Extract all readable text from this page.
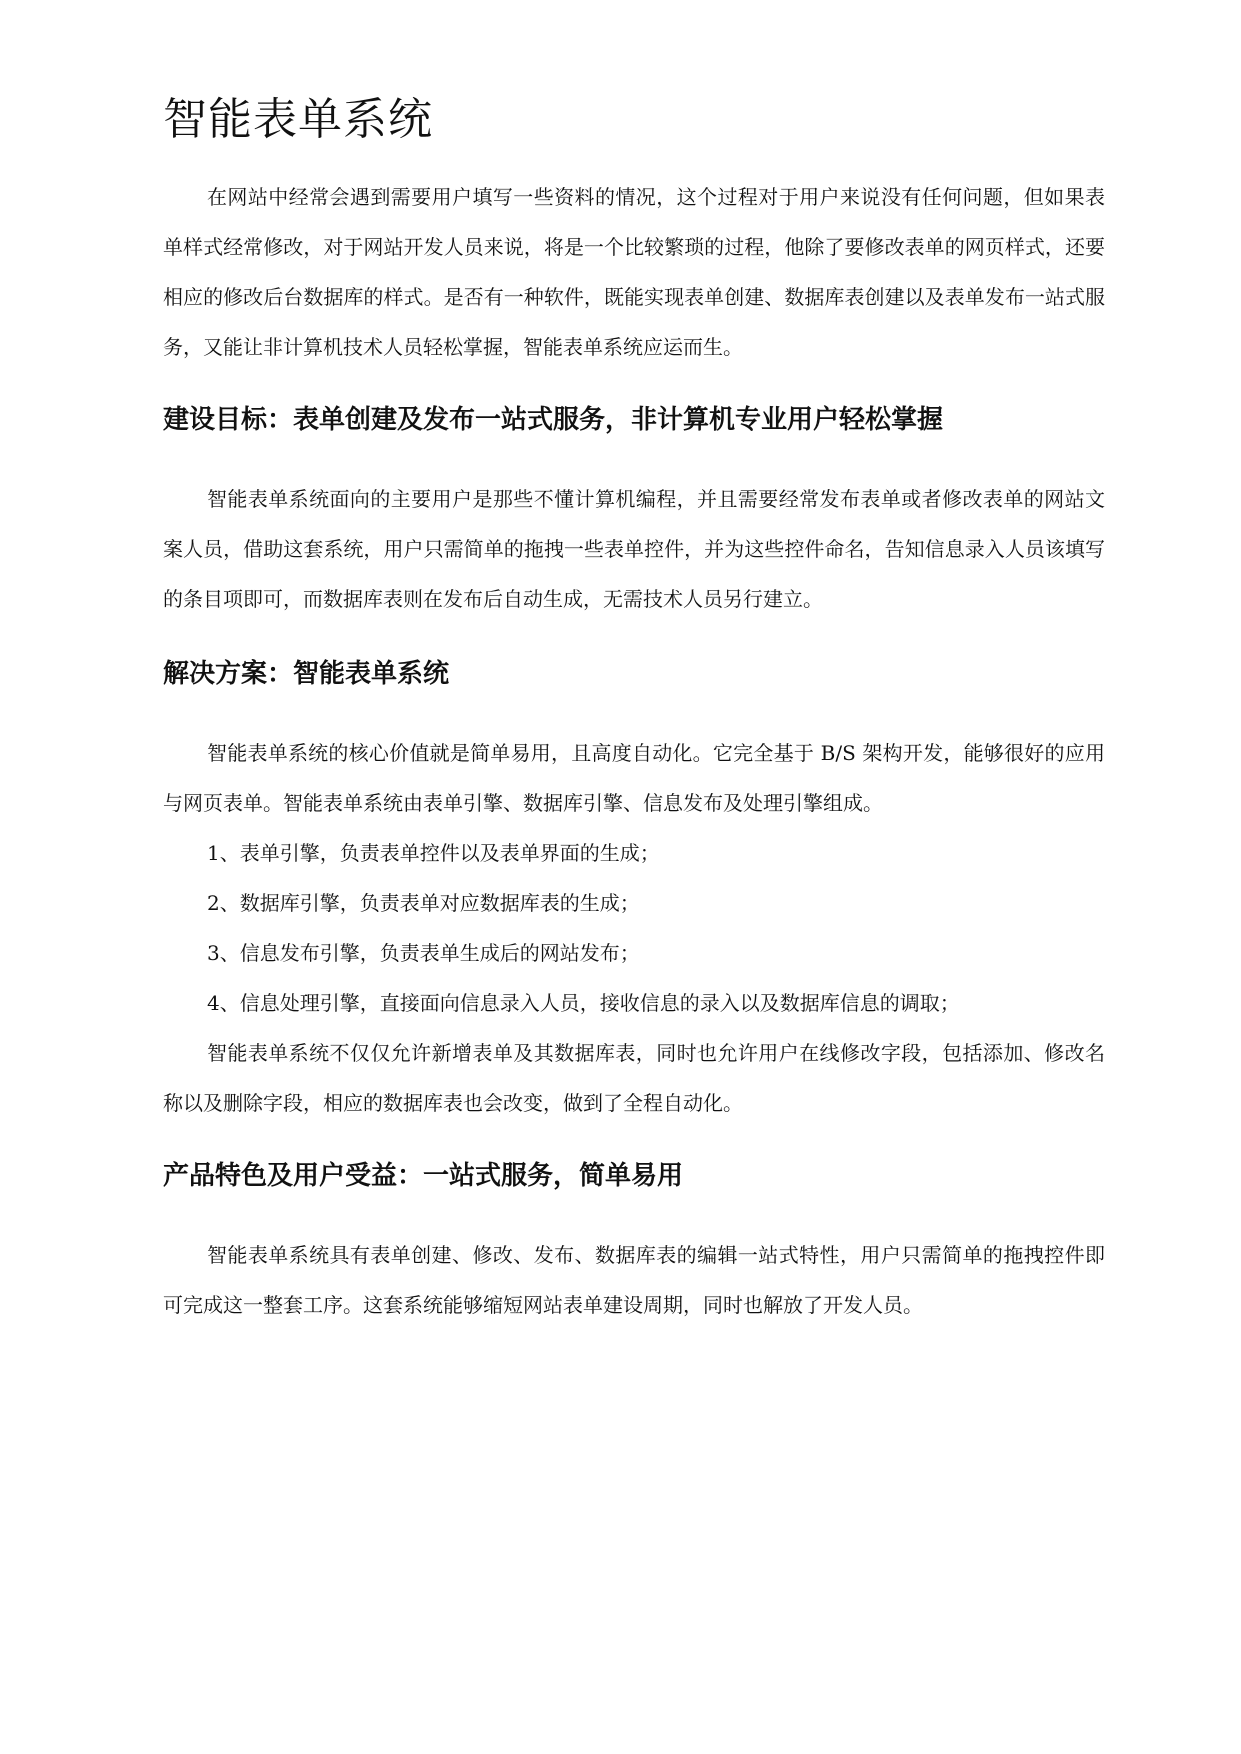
智能表单系统

在网站中经常会遇到需要用户填写一些资料的情况，这个过程对于用户来说没有任何问题，但如果表单样式经常修改，对于网站开发人员来说，将是一个比较繁琐的过程，他除了要修改表单的网页样式，还要相应的修改后台数据库的样式。是否有一种软件，既能实现表单创建、数据库表创建以及表单发布一站式服务，又能让非计算机技术人员轻松掌握，智能表单系统应运而生。

建设目标：表单创建及发布一站式服务，非计算机专业用户轻松掌握

智能表单系统面向的主要用户是那些不懂计算机编程，并且需要经常发布表单或者修改表单的网站文案人员，借助这套系统，用户只需简单的拖拽一些表单控件，并为这些控件命名，告知信息录入人员该填写的条目项即可，而数据库表则在发布后自动生成，无需技术人员另行建立。

解决方案：智能表单系统

智能表单系统的核心价值就是简单易用，且高度自动化。它完全基于 B/S 架构开发，能够很好的应用与网页表单。智能表单系统由表单引擎、数据库引擎、信息发布及处理引擎组成。

1、表单引擎，负责表单控件以及表单界面的生成；
2、数据库引擎，负责表单对应数据库表的生成；
3、信息发布引擎，负责表单生成后的网站发布；
4、信息处理引擎，直接面向信息录入人员，接收信息的录入以及数据库信息的调取；

智能表单系统不仅仅允许新增表单及其数据库表，同时也允许用户在线修改字段，包括添加、修改名称以及删除字段，相应的数据库表也会改变，做到了全程自动化。

产品特色及用户受益：一站式服务，简单易用

智能表单系统具有表单创建、修改、发布、数据库表的编辑一站式特性，用户只需简单的拖拽控件即可完成这一整套工序。这套系统能够缩短网站表单建设周期，同时也解放了开发人员。
